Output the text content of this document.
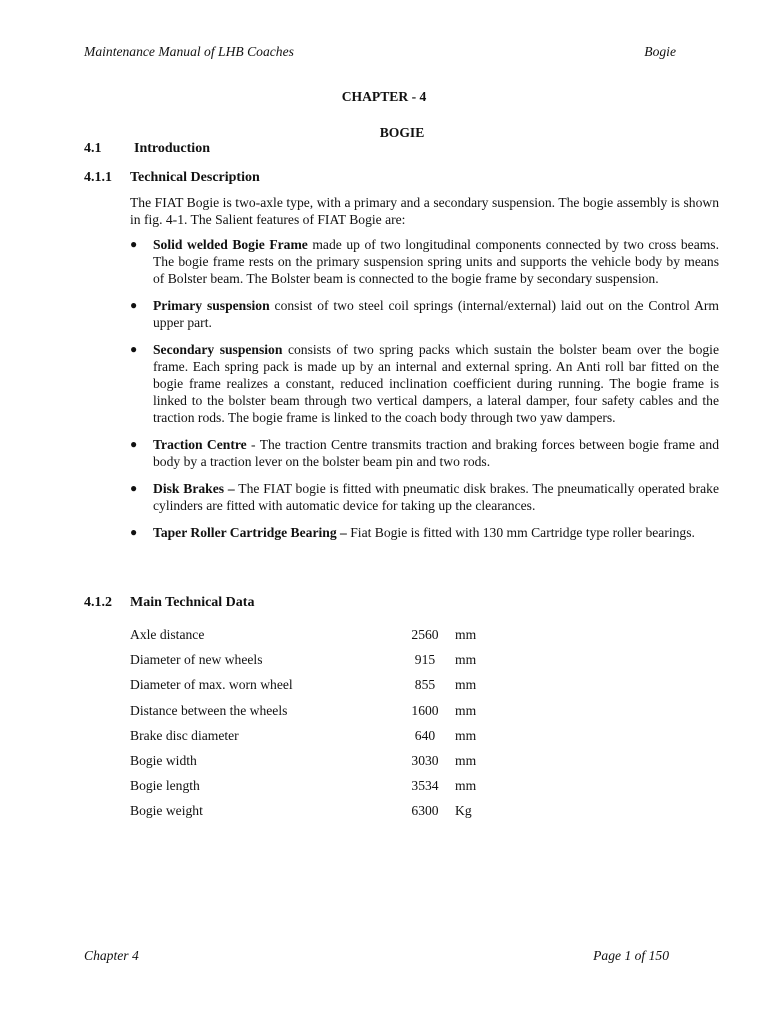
Maintenance Manual of LHB Coaches	Bogie
CHAPTER - 4
BOGIE
4.1	Introduction
4.1.1	Technical Description

The FIAT Bogie is two-axle type, with a primary and a secondary suspension. The bogie assembly is shown in fig. 4-1. The Salient features of FIAT Bogie are:

● Solid welded Bogie Frame made up of two longitudinal components connected by two cross beams. The bogie frame rests on the primary suspension spring units and supports the vehicle body by means of Bolster beam. The Bolster beam is connected to the bogie frame by secondary suspension.
● Primary suspension consist of two steel coil springs (internal/external) laid out on the Control Arm upper part.
● Secondary suspension consists of two spring packs which sustain the bolster beam over the bogie frame. Each spring pack is made up by an internal and external spring. An Anti roll bar fitted on the bogie frame realizes a constant, reduced inclination coefficient during running. The bogie frame is linked to the bolster beam through two vertical dampers, a lateral damper, four safety cables and the traction rods. The bogie frame is linked to the coach body through two yaw dampers.
● Traction Centre - The traction Centre transmits traction and braking forces between bogie frame and body by a traction lever on the bolster beam pin and two rods.
● Disk Brakes – The FIAT bogie is fitted with pneumatic disk brakes. The pneumatically operated brake cylinders are fitted with automatic device for taking up the clearances.
● Taper Roller Cartridge Bearing – Fiat Bogie is fitted with 130 mm Cartridge type roller bearings.
4.1.2	Main Technical Data
Axle distance	2560	mm
Diameter of new wheels	915	mm
Diameter of max. worn wheel	855	mm
Distance between the wheels	1600	mm
Brake disc diameter	640	mm
Bogie width	3030	mm
Bogie length	3534	mm
Bogie weight	6300	Kg
Chapter 4	Page 1 of 150
